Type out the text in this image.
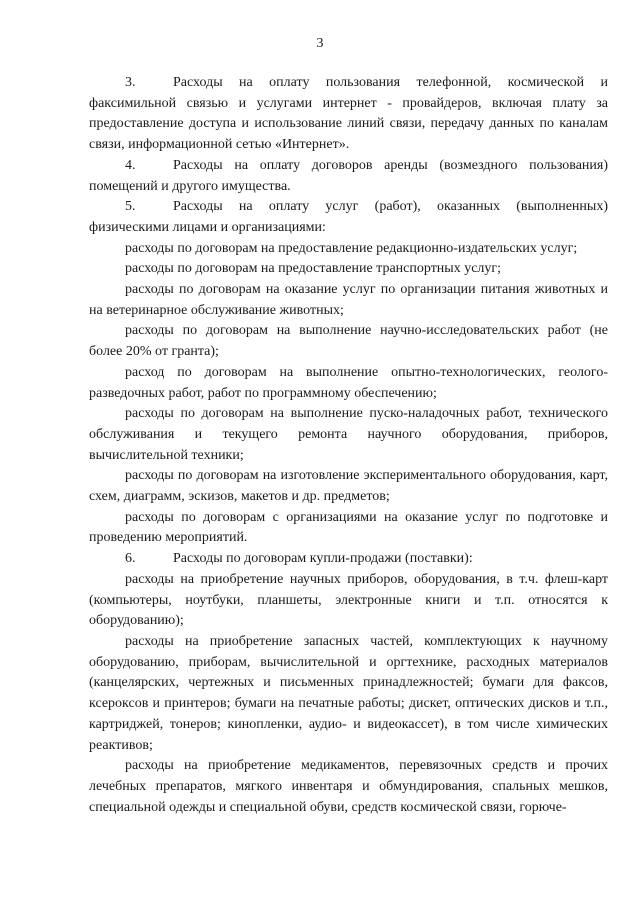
3

3.	Расходы на оплату пользования телефонной, космической и факсимильной связью и услугами интернет - провайдеров, включая плату за предоставление доступа и использование линий связи, передачу данных по каналам связи, информационной сетью «Интернет».

4.	Расходы на оплату договоров аренды (возмездного пользования) помещений и другого имущества.

5.	Расходы на оплату услуг (работ), оказанных (выполненных) физическими лицами и организациями:

расходы по договорам на предоставление редакционно-издательских услуг;

расходы по договорам на предоставление транспортных услуг;

расходы по договорам на оказание услуг по организации питания животных и на ветеринарное обслуживание животных;

расходы по договорам на выполнение научно-исследовательских работ (не более 20% от гранта);

расход по договорам на выполнение опытно-технологических, геолого-разведочных работ, работ по программному обеспечению;

расходы по договорам на выполнение пуско-наладочных работ, технического обслуживания и текущего ремонта научного оборудования, приборов, вычислительной техники;

расходы по договорам на изготовление экспериментального оборудования, карт, схем, диаграмм, эскизов, макетов и др. предметов;

расходы по договорам с организациями на оказание услуг по подготовке и проведению мероприятий.

6.	Расходы по договорам купли-продажи (поставки):

расходы на приобретение научных приборов, оборудования, в т.ч. флеш-карт (компьютеры, ноутбуки, планшеты, электронные книги и т.п. относятся к оборудованию);

расходы на приобретение запасных частей, комплектующих к научному оборудованию, приборам, вычислительной и оргтехнике, расходных материалов (канцелярских, чертежных и письменных принадлежностей; бумаги для факсов, ксероксов и принтеров; бумаги на печатные работы; дискет, оптических дисков и т.п., картриджей, тонеров; кинопленки, аудио- и видеокассет), в том числе химических реактивов;

расходы на приобретение медикаментов, перевязочных средств и прочих лечебных препаратов, мягкого инвентаря и обмундирования, спальных мешков, специальной одежды и специальной обуви, средств космической связи, горюче-
